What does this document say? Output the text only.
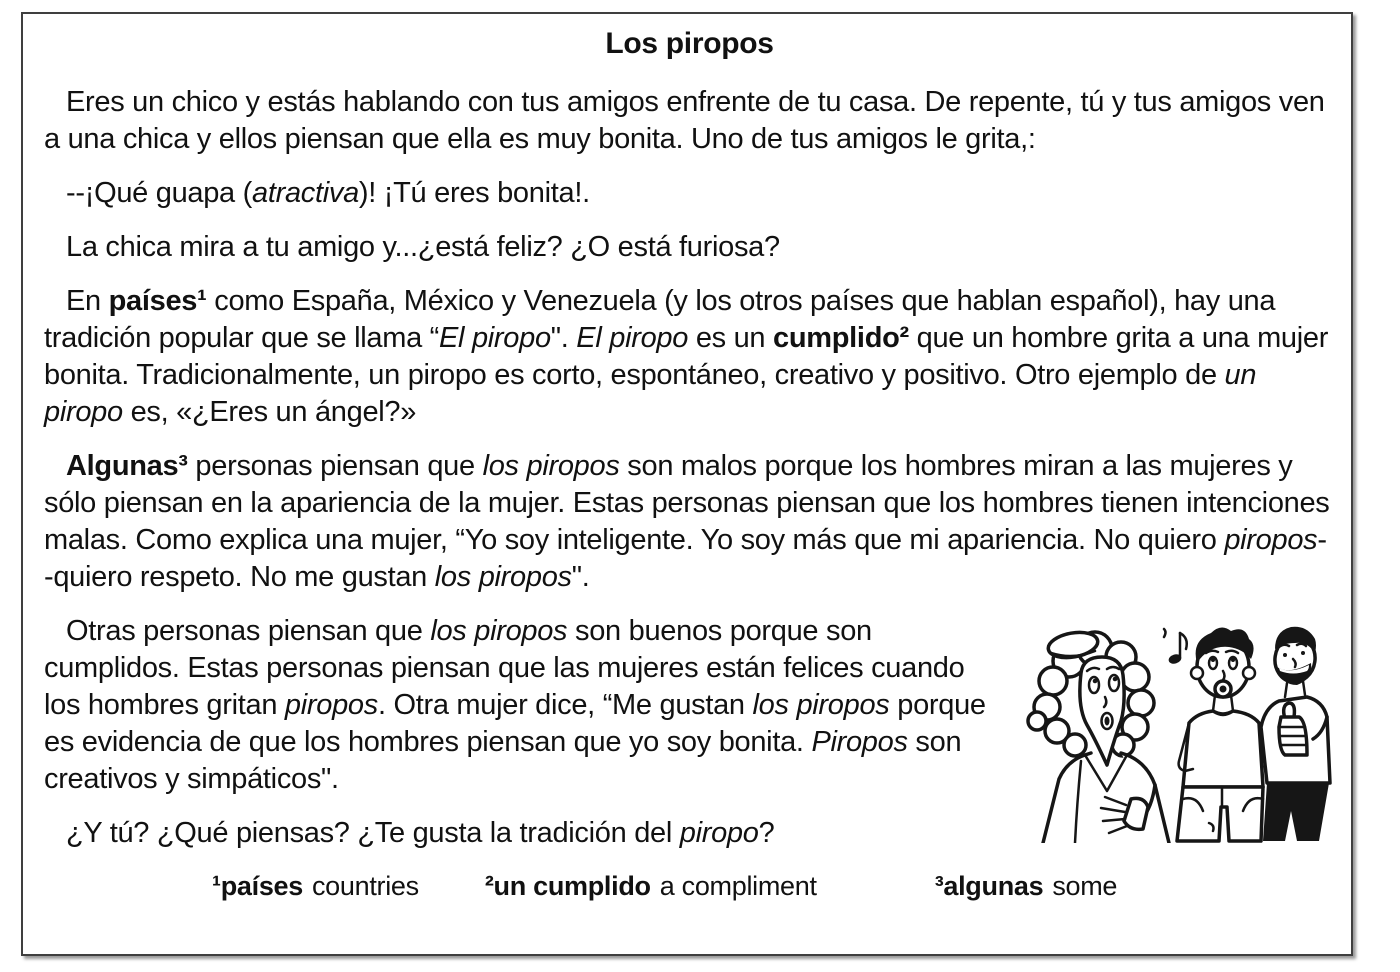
Los piropos

Eres un chico y estás hablando con tus amigos enfrente de tu casa. De repente, tú y tus amigos ven a una chica y ellos piensan que ella es muy bonita. Uno de tus amigos le grita,:

--¡Qué guapa (atractiva)! ¡Tú eres bonita!.

La chica mira a tu amigo y...¿está feliz? ¿O está furiosa?

En países¹ como España, México y Venezuela (y los otros países que hablan español), hay una tradición popular que se llama “El piropo". El piropo es un cumplido² que un hombre grita a una mujer bonita. Tradicionalmente, un piropo es corto, espontáneo, creativo y positivo. Otro ejemplo de un piropo es, «¿Eres un ángel?»

Algunas³ personas piensan que los piropos son malos porque los hombres miran a las mujeres y sólo piensan en la apariencia de la mujer. Estas personas piensan que los hombres tienen intenciones malas. Como explica una mujer, “Yo soy inteligente. Yo soy más que mi apariencia. No quiero piropos--quiero respeto. No me gustan los piropos".

Otras personas piensan que los piropos son buenos porque son cumplidos. Estas personas piensan que las mujeres están felices cuando los hombres gritan piropos. Otra mujer dice, “Me gustan los piropos porque es evidencia de que los hombres piensan que yo soy bonita. Piropos son creativos y simpáticos".

¿Y tú? ¿Qué piensas? ¿Te gusta la tradición del piropo?

¹países countries ²un cumplido a compliment	³algunas some
